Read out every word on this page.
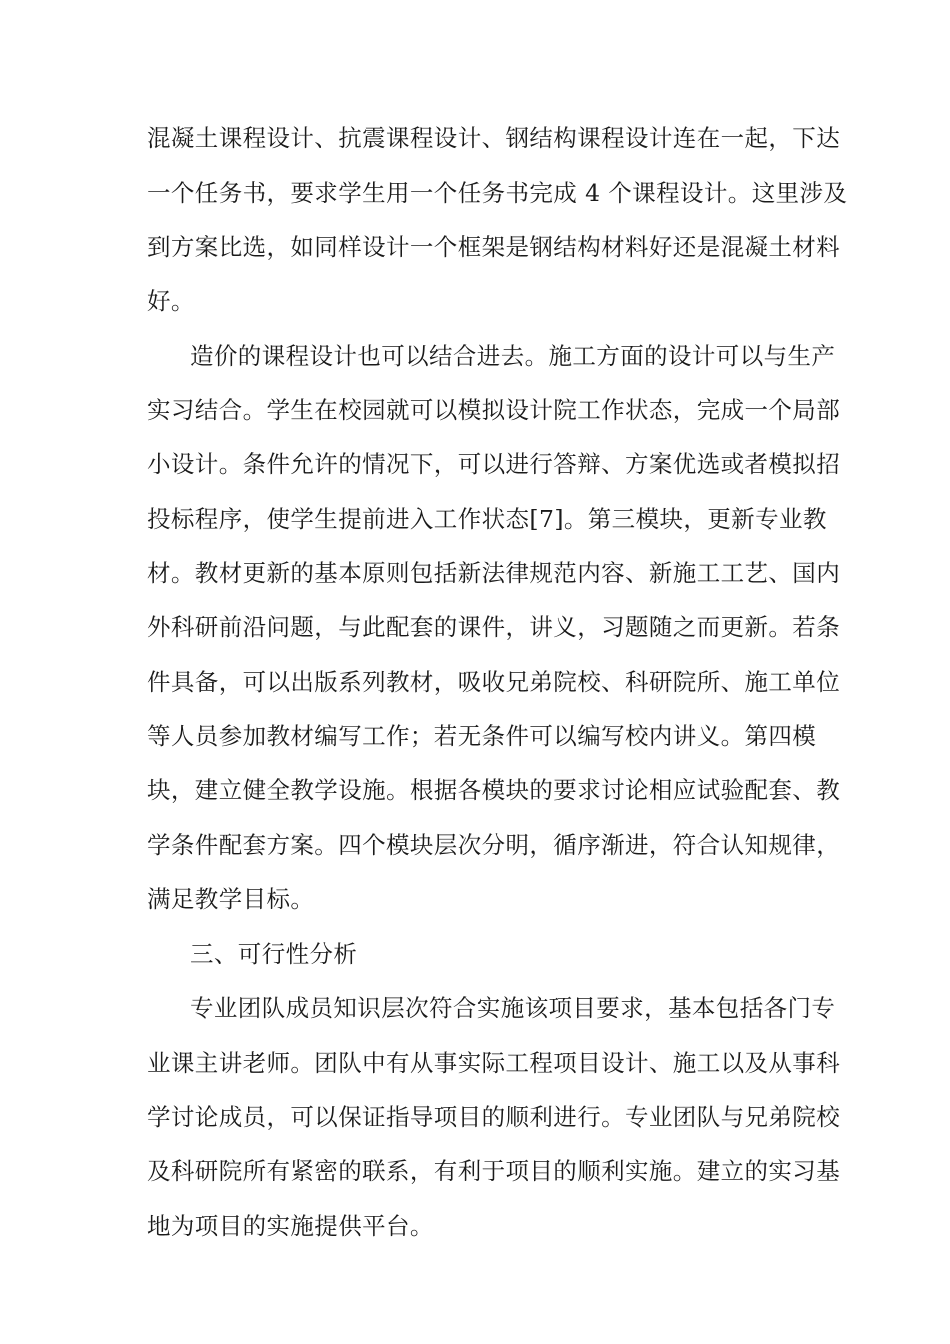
混凝土课程设计、抗震课程设计、钢结构课程设计连在一起，下达
一个任务书，要求学生用一个任务书完成 4 个课程设计。这里涉及
到方案比选，如同样设计一个框架是钢结构材料好还是混凝土材料
好。
造价的课程设计也可以结合进去。施工方面的设计可以与生产
实习结合。学生在校园就可以模拟设计院工作状态，完成一个局部
小设计。条件允许的情况下，可以进行答辩、方案优选或者模拟招
投标程序，使学生提前进入工作状态[7]。第三模块，更新专业教
材。教材更新的基本原则包括新法律规范内容、新施工工艺、国内
外科研前沿问题，与此配套的课件，讲义，习题随之而更新。若条
件具备，可以出版系列教材，吸收兄弟院校、科研院所、施工单位
等人员参加教材编写工作；若无条件可以编写校内讲义。第四模
块，建立健全教学设施。根据各模块的要求讨论相应试验配套、教
学条件配套方案。四个模块层次分明，循序渐进，符合认知规律，
满足教学目标。
三、可行性分析
专业团队成员知识层次符合实施该项目要求，基本包括各门专
业课主讲老师。团队中有从事实际工程项目设计、施工以及从事科
学讨论成员，可以保证指导项目的顺利进行。专业团队与兄弟院校
及科研院所有紧密的联系，有利于项目的顺利实施。建立的实习基
地为项目的实施提供平台。
